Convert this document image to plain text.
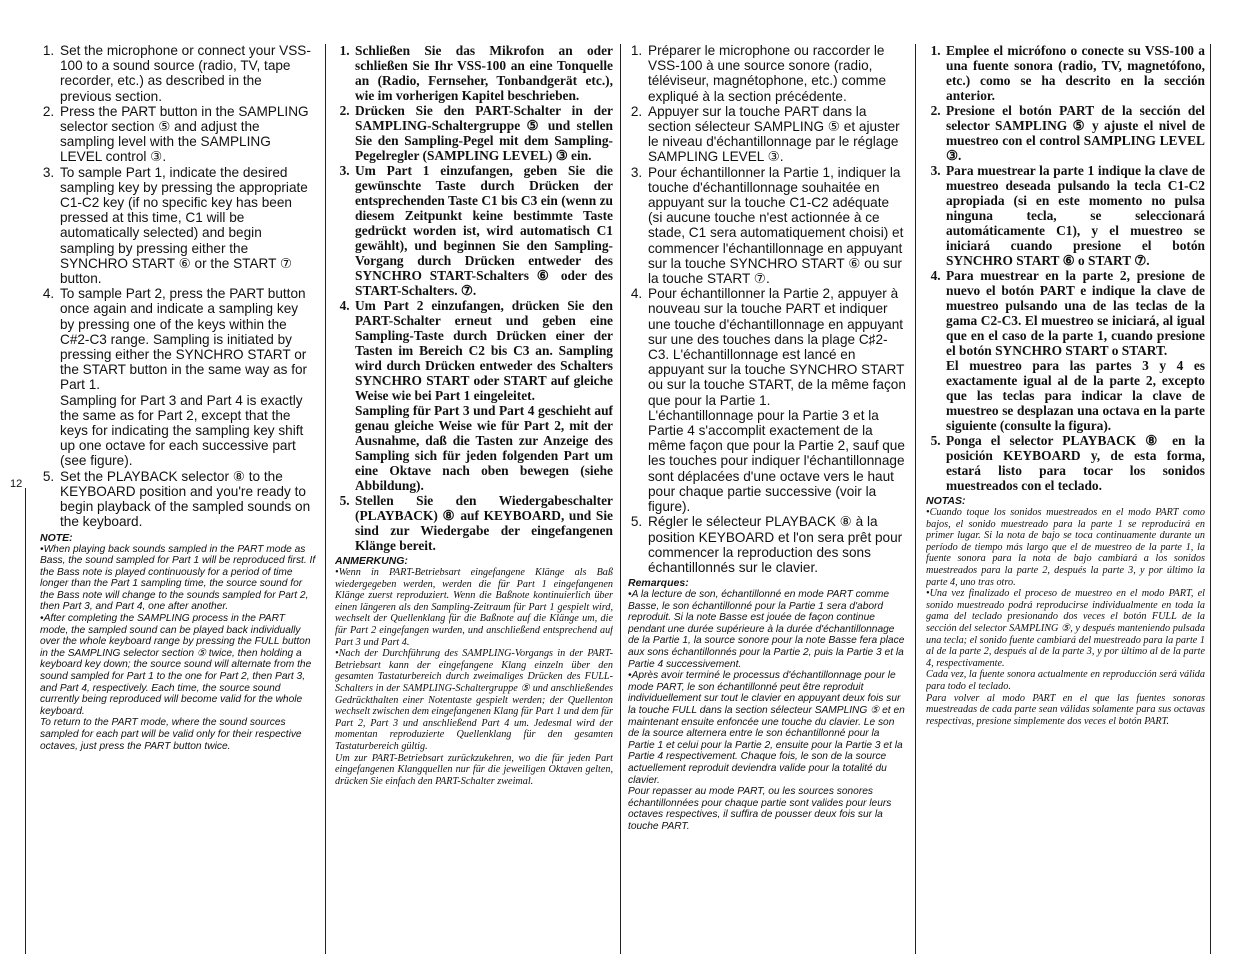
12
1. Set the microphone or connect your VSS-100 to a sound source (radio, TV, tape recorder, etc.) as described in the previous section.
2. Press the PART button in the SAMPLING selector section ⑤ and adjust the sampling level with the SAMPLING LEVEL control ③.
3. To sample Part 1, indicate the desired sampling key by pressing the appropriate C1-C2 key (if no specific key has been pressed at this time, C1 will be automatically selected) and begin sampling by pressing either the SYNCHRO START ⑥ or the START ⑦ button.

4. To sample Part 2, press the PART button once again and indicate a sampling key by pressing one of the keys within the C#2-C3 range. Sampling is initiated by pressing either the SYNCHRO START or the START button in the same way as for Part 1.

Sampling for Part 3 and Part 4 is exactly the same as for Part 2, except that the keys for indicating the sampling key shift up one octave for each successive part (see figure).

5. Set the PLAYBACK selector ⑧ to the KEYBOARD position and you're ready to begin playback of the sampled sounds on the keyboard.

NOTE:

•When playing back sounds sampled in the PART mode as Bass, the sound sampled for Part 1 will be reproduced first. If the Bass note is played continuously for a period of time longer than the Part 1 sampling time, the source sound for the Bass note will change to the sounds sampled for Part 2, then Part 3, and Part 4, one after another.

•After completing the SAMPLING process in the PART mode, the sampled sound can be played back individually over the whole keyboard range by pressing the FULL button in the SAMPLING selector section ⑤ twice, then holding a keyboard key down; the source sound will alternate from the sound sampled for Part 1 to the one for Part 2, then Part 3, and Part 4, respectively. Each time, the source sound currently being reproduced will become valid for the whole keyboard.

To return to the PART mode, where the sound sources sampled for each part will be valid only for their respective octaves, just press the PART button twice.

1. Schließen Sie das Mikrofon an oder schließen Sie Ihr VSS-100 an eine Tonquelle an (Radio, Fernseher, Tonbandgerät etc.), wie im vorherigen Kapitel beschrieben.
2. Drücken Sie den PART-Schalter in der SAMPLING-Schaltergruppe ⑤ und stellen Sie den Sampling-Pegel mit dem Sampling-Pegelregler (SAMPLING LEVEL) ③ ein.
3. Um Part 1 einzufangen, geben Sie die gewünschte Taste durch Drücken der entsprechenden Taste C1 bis C3 ein (wenn zu diesem Zeitpunkt keine bestimmte Taste gedrückt worden ist, wird automatisch C1 gewählt), und beginnen Sie den Sampling-Vorgang durch Drücken entweder des SYNCHRO START-Schalters ⑥ oder des START-Schalters. ⑦.

4. Um Part 2 einzufangen, drücken Sie den PART-Schalter erneut und geben eine Sampling-Taste durch Drücken einer der Tasten im Bereich C2 bis C3 an. Sampling wird durch Drücken entweder des Schalters SYNCHRO START oder START auf gleiche Weise wie bei Part 1 eingeleitet.

Sampling für Part 3 und Part 4 geschieht auf genau gleiche Weise wie für Part 2, mit der Ausnahme, daß die Tasten zur Anzeige des Sampling sich für jeden folgenden Part um eine Oktave nach oben bewegen (siehe Abbildung).

5. Stellen Sie den Wiedergabeschalter (PLAYBACK) ⑧ auf KEYBOARD, und Sie sind zur Wiedergabe der eingefangenen Klänge bereit.

ANMERKUNG:

•Wenn in PART-Betriebsart eingefangene Klänge als Baß wiedergegeben werden, werden die für Part 1 eingefangenen Klänge zuerst reproduziert. Wenn die Baßnote kontinuierlich über einen längeren als den Sampling-Zeitraum für Part 1 gespielt wird, wechselt der Quellenklang für die Baßnote auf die Klänge um, die für Part 2 eingefangen wurden, und anschließend entsprechend auf Part 3 und Part 4.

•Nach der Durchführung des SAMPLING-Vorgangs in der PART-Betriebsart kann der eingefangene Klang einzeln über den gesamten Tastaturbereich durch zweimaliges Drücken des FULL-Schalters in der SAMPLING-Schaltergruppe ⑤ und anschließendes Gedrückthalten einer Notentaste gespielt werden; der Quellenton wechselt zwischen dem eingefangenen Klang für Part 1 und dem für Part 2, Part 3 und anschließend Part 4 um. Jedesmal wird der momentan reproduzierte Quellenklang für den gesamten Tastaturbereich gültig.

Um zur PART-Betriebsart zurückzukehren, wo die für jeden Part eingefangenen Klangquellen nur für die jeweiligen Oktaven gelten, drücken Sie einfach den PART-Schalter zweimal.

1. Préparer le microphone ou raccorder le VSS-100 à une source sonore (radio, téléviseur, magnétophone, etc.) comme expliqué à la section précédente.
2. Appuyer sur la touche PART dans la section sélecteur SAMPLING ⑤ et ajuster le niveau d'échantillonnage par le réglage SAMPLING LEVEL ③.
3. Pour échantillonner la Partie 1, indiquer la touche d'échantillonnage souhaitée en appuyant sur la touche C1-C2 adéquate (si aucune touche n'est actionnée à ce stade, C1 sera automatiquement choisi) et commencer l'échantillonnage en appuyant sur la touche SYNCHRO START ⑥ ou sur la touche START ⑦.

4. Pour échantillonner la Partie 2, appuyer à nouveau sur la touche PART et indiquer une touche d'échantillonnage en appuyant sur une des touches dans la plage C♯2-C3. L'échantillonnage est lancé en appuyant sur la touche SYNCHRO START ou sur la touche START, de la même façon que pour la Partie 1.

L'échantillonnage pour la Partie 3 et la Partie 4 s'accomplit exactement de la même façon que pour la Partie 2, sauf que les touches pour indiquer l'échantillonnage sont déplacées d'une octave vers le haut pour chaque partie successive (voir la figure).

5. Régler le sélecteur PLAYBACK ⑧ à la position KEYBOARD et l'on sera prêt pour commencer la reproduction des sons échantillonnés sur le clavier.

Remarques:

•A la lecture de son, échantillonné en mode PART comme Basse, le son échantillonné pour la Partie 1 sera d'abord reproduit. Si la note Basse est jouée de façon continue pendant une durée supérieure à la durée d'échantillonnage de la Partie 1, la source sonore pour la note Basse fera place aux sons échantillonnés pour la Partie 2, puis la Partie 3 et la Partie 4 successivement.

•Après avoir terminé le processus d'échantillonnage pour le mode PART, le son échantillonné peut être reproduit individuellement sur tout le clavier en appuyant deux fois sur la touche FULL dans la section sélecteur SAMPLING ⑤ et en maintenant ensuite enfoncée une touche du clavier. Le son de la source alternera entre le son échantillonné pour la Partie 1 et celui pour la Partie 2, ensuite pour la Partie 3 et la Partie 4 respectivement. Chaque fois, le son de la source actuellement reproduit deviendra valide pour la totalité du clavier.

Pour repasser au mode PART, ou les sources sonores échantillonnées pour chaque partie sont valides pour leurs octaves respectives, il suffira de pousser deux fois sur la touche PART.

1. Emplee el micrófono o conecte su VSS-100 a una fuente sonora (radio, TV, magnetófono, etc.) como se ha descrito en la sección anterior.
2. Presione el botón PART de la sección del selector SAMPLING ⑤ y ajuste el nivel de muestreo con el control SAMPLING LEVEL ③.
3. Para muestrear la parte 1 indique la clave de muestreo deseada pulsando la tecla C1-C2 apropiada (si en este momento no pulsa ninguna tecla, se seleccionará automáticamente C1), y el muestreo se iniciará cuando presione el botón SYNCHRO START ⑥ o START ⑦.

4. Para muestrear en la parte 2, presione de nuevo el botón PART e indique la clave de muestreo pulsando una de las teclas de la gama C2-C3. El muestreo se iniciará, al igual que en el caso de la parte 1, cuando presione el botón SYNCHRO START o START.

El muestreo para las partes 3 y 4 es exactamente igual al de la parte 2, excepto que las teclas para indicar la clave de muestreo se desplazan una octava en la parte siguiente (consulte la figura).

5. Ponga el selector PLAYBACK ⑧ en la posición KEYBOARD y, de esta forma, estará listo para tocar los sonidos muestreados con el teclado.

NOTAS:

•Cuando toque los sonidos muestreados en el modo PART como bajos, el sonido muestreado para la parte 1 se reproducirá en primer lugar. Si la nota de bajo se toca continuamente durante un período de tiempo más largo que el de muestreo de la parte 1, la fuente sonora para la nota de bajo cambiará a los sonidos muestreados para la parte 2, después la parte 3, y por último la parte 4, uno tras otro.

•Una vez finalizado el proceso de muestreo en el modo PART, el sonido muestreado podrá reproducirse individualmente en toda la gama del teclado presionando dos veces el botón FULL de la sección del selector SAMPLING ⑤, y después manteniendo pulsada una tecla; el sonido fuente cambiará del muestreado para la parte 1 al de la parte 2, después al de la parte 3, y por último al de la parte 4, respectivamente.

Cada vez, la fuente sonora actualmente en reproducción será válida para todo el teclado.

Para volver al modo PART en el que las fuentes sonoras muestreadas de cada parte sean válidas solamente para sus octavas respectivas, presione simplemente dos veces el botón PART.
